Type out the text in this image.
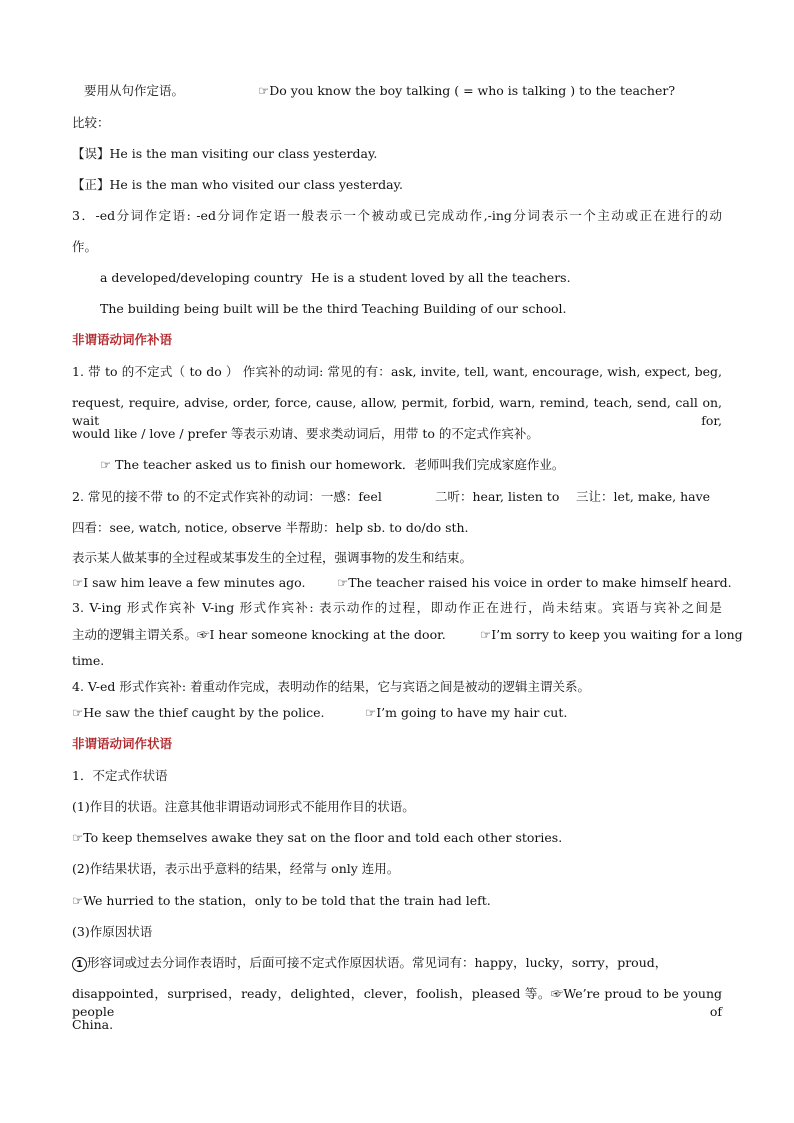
要用从句作定语。	☞Do you know the boy talking ( = who is talking ) to the teacher?
比较：
【误】He is the man visiting our class yesterday.
【正】He is the man who visited our class yesterday.
3．-ed分词作定语: -ed分词作定语一般表示一个被动或已完成动作,-ing分词表示一个主动或正在进行的动
作。
a developed/developing country He is a student loved by all the teachers.
The building being built will be the third Teaching Building of our school.
非谓语动词作补语
1. 带 to 的不定式（ to do ） 作宾补的动词: 常见的有：ask, invite, tell, want, encourage, wish, expect, beg,
request, require, advise, order, force, cause, allow, permit, forbid, warn, remind, teach, send, call on, wait for,
would like / love / prefer 等表示劝请、要求类动词后，用带 to 的不定式作宾补。
☞ The teacher asked us to finish our homework．老师叫我们完成家庭作业。
2. 常见的接不带 to 的不定式作宾补的动词：一感：feel	二听：hear, listen to 三让：let, make, have
四看：see, watch, notice, observe 半帮助：help sb. to do/do sth.
表示某人做某事的全过程或某事发生的全过程，强调事物的发生和结束。
☞I saw him leave a few minutes ago.	☞The teacher raised his voice in order to make himself heard.
3. V-ing 形式作宾补 V-ing 形式作宾补: 表示动作的过程，即动作正在进行，尚未结束。宾语与宾补之间是
主动的逻辑主谓关系。☞I hear someone knocking at the door.	☞I’m sorry to keep you waiting for a long
time.
4. V-ed 形式作宾补: 着重动作完成，表明动作的结果，它与宾语之间是被动的逻辑主谓关系。
☞He saw the thief caught by the police.	☞I’m going to have my hair cut.
非谓语动词作状语
1．不定式作状语
(1)作目的状语。注意其他非谓语动词形式不能用作目的状语。
☞To keep themselves awake they sat on the floor and told each other stories.
(2)作结果状语，表示出乎意料的结果，经常与 only 连用。
☞We hurried to the station，only to be told that the train had left.
(3)作原因状语
1 形容词或过去分词作表语时，后面可接不定式作原因状语。常见词有：happy，lucky，sorry，proud，
disappointed，surprised，ready，delighted，clever，foolish，pleased 等。☞We’re proud to be young people of
China.
